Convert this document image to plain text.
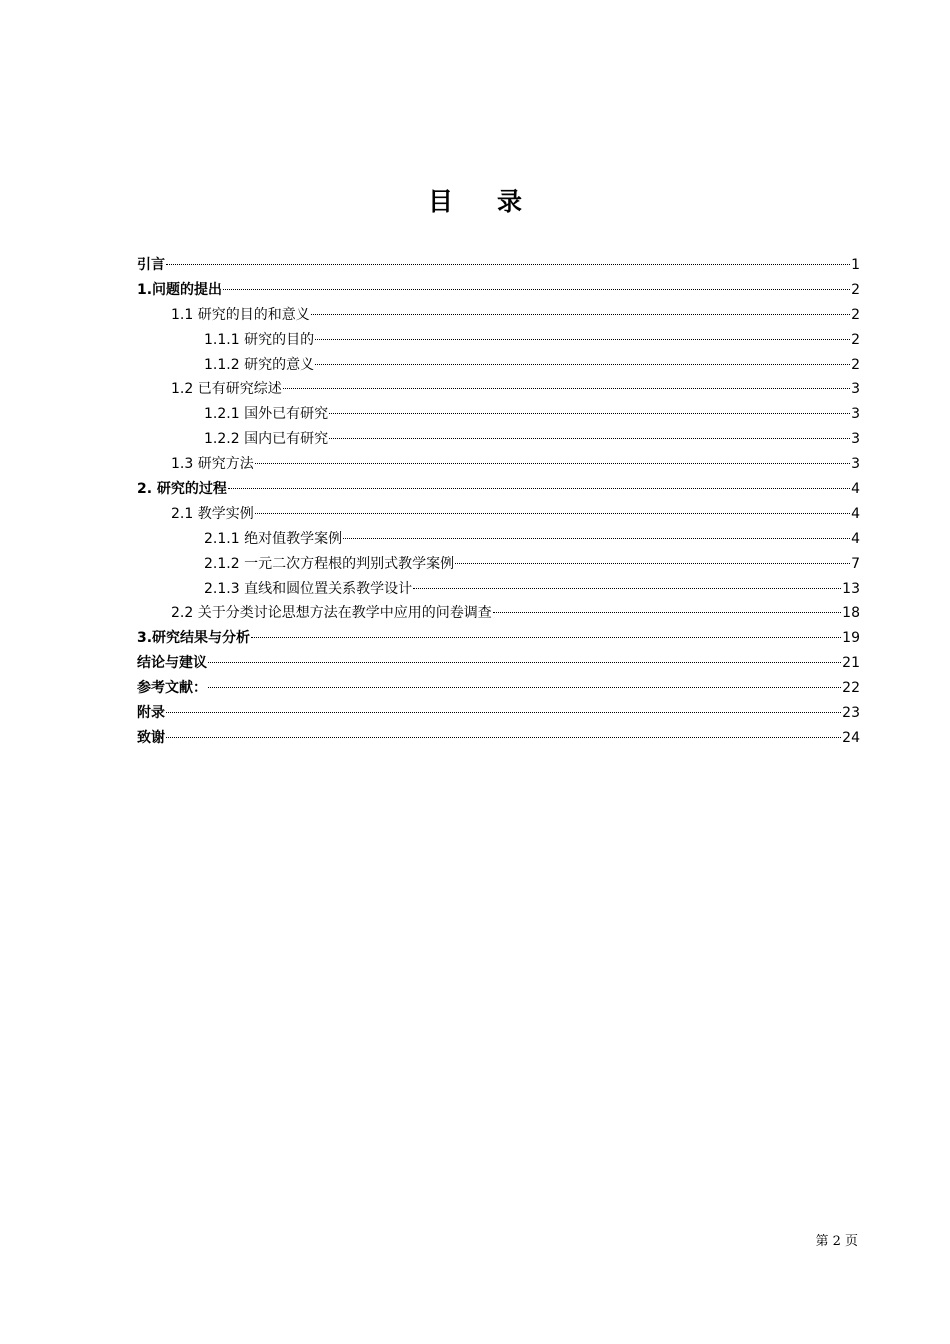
目 录
引言	1
1.问题的提出	2
1.1 研究的目的和意义	2
1.1.1 研究的目的	2
1.1.2 研究的意义	2
1.2 已有研究综述	3
1.2.1 国外已有研究	3
1.2.2 国内已有研究	3
1.3 研究方法	3
2. 研究的过程	4
2.1 教学实例	4
2.1.1 绝对值教学案例	4
2.1.2 一元二次方程根的判别式教学案例	7
2.1.3 直线和圆位置关系教学设计	13
2.2 关于分类讨论思想方法在教学中应用的问卷调查	18
3.研究结果与分析	19
结论与建议	21
参考文献：	22
附录	23
致谢	24
第 2 页
